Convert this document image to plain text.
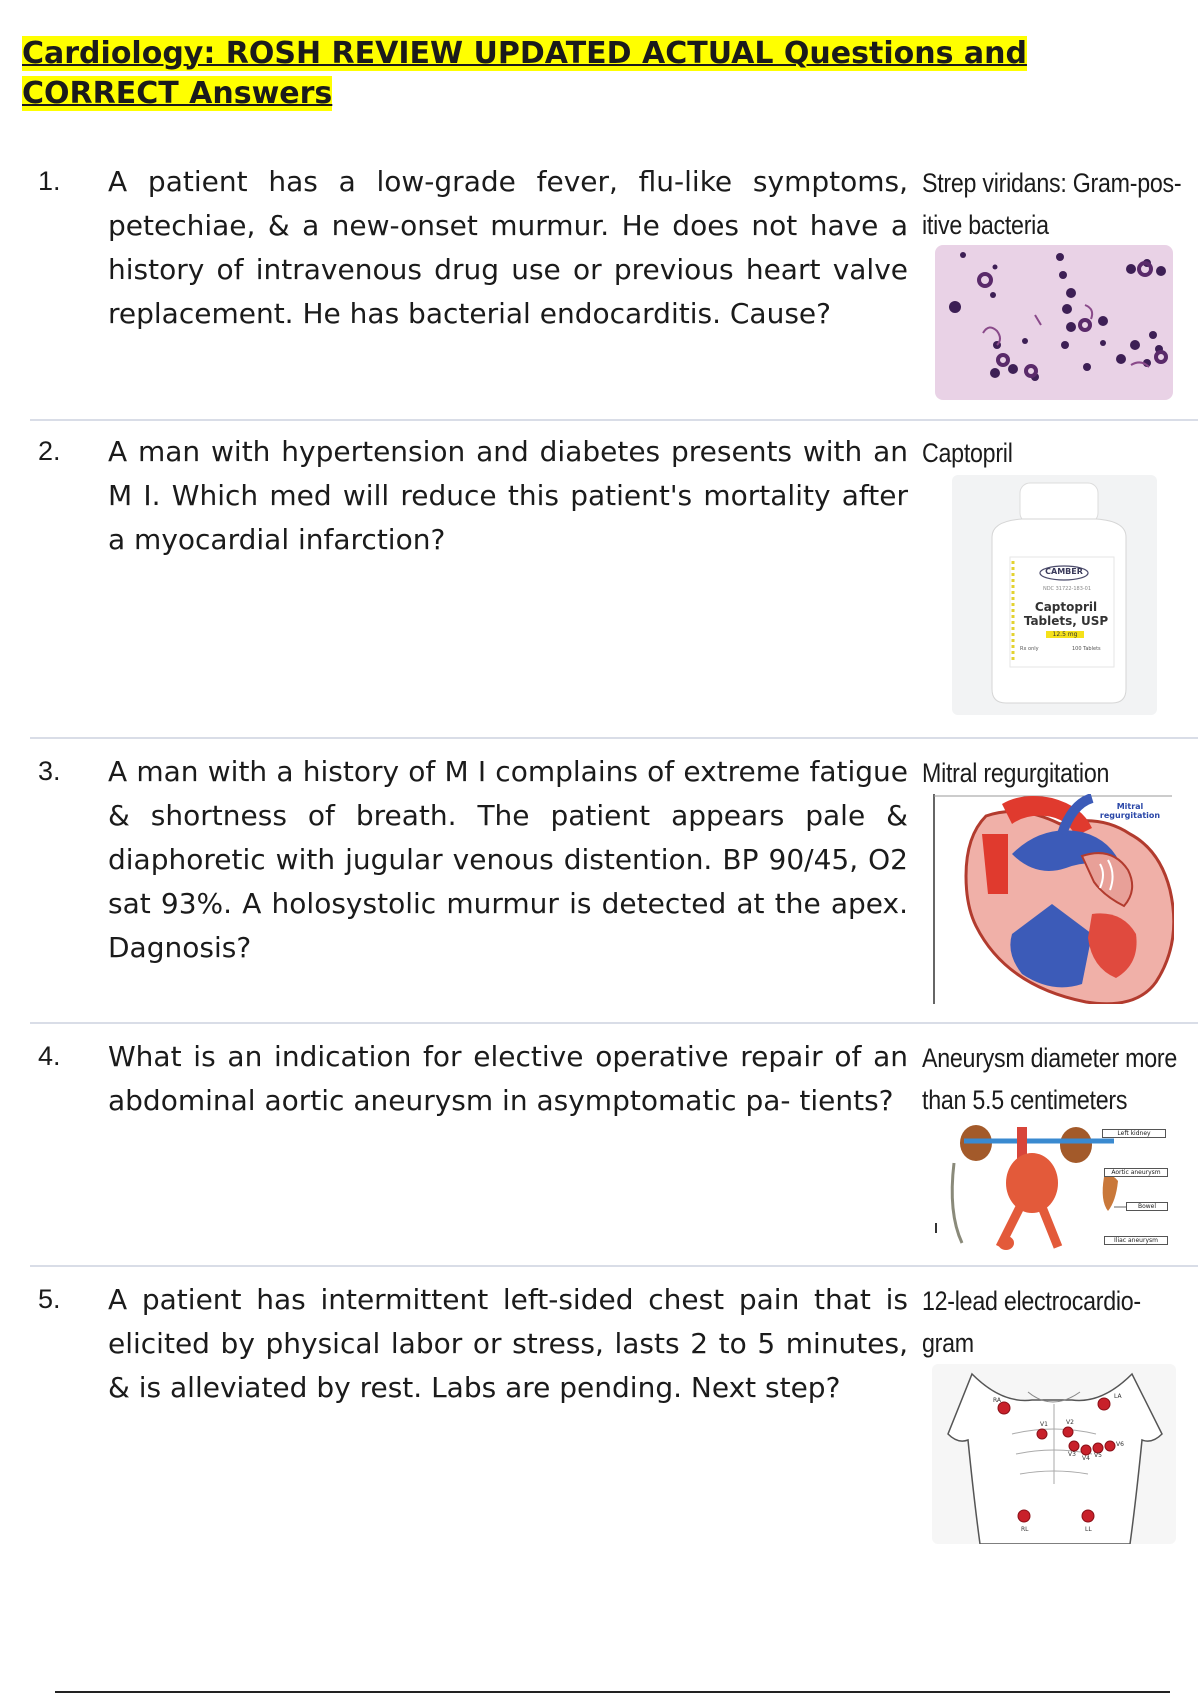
Cardiology: ROSH REVIEW UPDATED ACTUAL Questions and CORRECT Answers
1. A patient has a low-grade fever, flu-like symptoms, petechiae, & a new-onset murmur. He does not have a history of intravenous drug use or previous heart valve replacement. He has bacterial endocarditis. Cause?
Strep viridans: Gram-pos-
itive bacteria
2. A man with hypertension and diabetes presents with an M I. Which med will reduce this patient's mortality after a myocardial infarction?
Captopril
CAMBER
NDC 31722-183-01
Captopril
Tablets, USP
12.5 mg
Rx only	100 Tablets
3. A man with a history of M I complains of extreme fatigue & shortness of breath. The patient appears pale & diaphoretic with jugular venous distention. BP 90/45, O2 sat 93%. A holosystolic murmur is detected at the apex. Dagnosis?
Mitral regurgitation
Mitral
regurgitation
4. What is an indication for elective operative repair of an abdominal aortic aneurysm in asymptomatic pa- tients?
Aneurysm diameter more
than 5.5 centimeters
Left kidney
Aortic aneurysm
Bowel
Iliac aneurysm
5. A patient has intermittent left-sided chest pain that is elicited by physical labor or stress, lasts 2 to 5 minutes, & is alleviated by rest. Labs are pending. Next step?
12-lead electrocardio-
gram
RA
LA
V1	V2
V3
V4 V5
V6
RL	LL
